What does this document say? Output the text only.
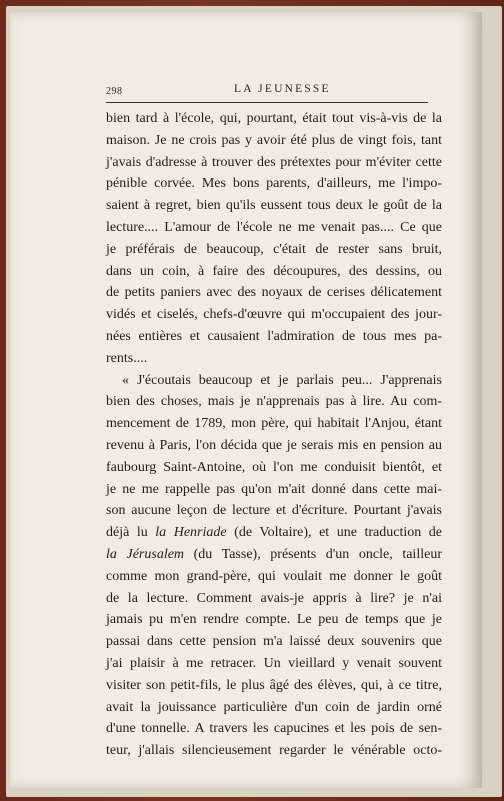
298	LA JEUNESSE
bien tard à l'école, qui, pourtant, était tout vis-à-vis de la
maison. Je ne crois pas y avoir été plus de vingt fois, tant
j'avais d'adresse à trouver des prétextes pour m'éviter cette
pénible corvée. Mes bons parents, d'ailleurs, me l'impo-
saient à regret, bien qu'ils eussent tous deux le goût de la
lecture.... L'amour de l'école ne me venait pas.... Ce que
je préférais de beaucoup, c'était de rester sans bruit,
dans un coin, à faire des découpures, des dessins, ou
de petits paniers avec des noyaux de cerises délicatement
vidés et ciselés, chefs-d'œuvre qui m'occupaient des jour-
nées entières et causaient l'admiration de tous mes pa-
rents....
« J'écoutais beaucoup et je parlais peu... J'apprenais
bien des choses, mais je n'apprenais pas à lire. Au com-
mencement de 1789, mon père, qui habitait l'Anjou, étant
revenu à Paris, l'on décida que je serais mis en pension au
faubourg Saint-Antoine, où l'on me conduisit bientôt, et
je ne me rappelle pas qu'on m'ait donné dans cette mai-
son aucune leçon de lecture et d'écriture. Pourtant j'avais
déjà lu la Henriade (de Voltaire), et une traduction de
la Jérusalem (du Tasse), présents d'un oncle, tailleur
comme mon grand-père, qui voulait me donner le goût
de la lecture. Comment avais-je appris à lire? je n'ai
jamais pu m'en rendre compte. Le peu de temps que je
passai dans cette pension m'a laissé deux souvenirs que
j'ai plaisir à me retracer. Un vieillard y venait souvent
visiter son petit-fils, le plus âgé des élèves, qui, à ce titre,
avait la jouissance particulière d'un coin de jardin orné
d'une tonnelle. A travers les capucines et les pois de sen-
teur, j'allais silencieusement regarder le vénérable octo-
